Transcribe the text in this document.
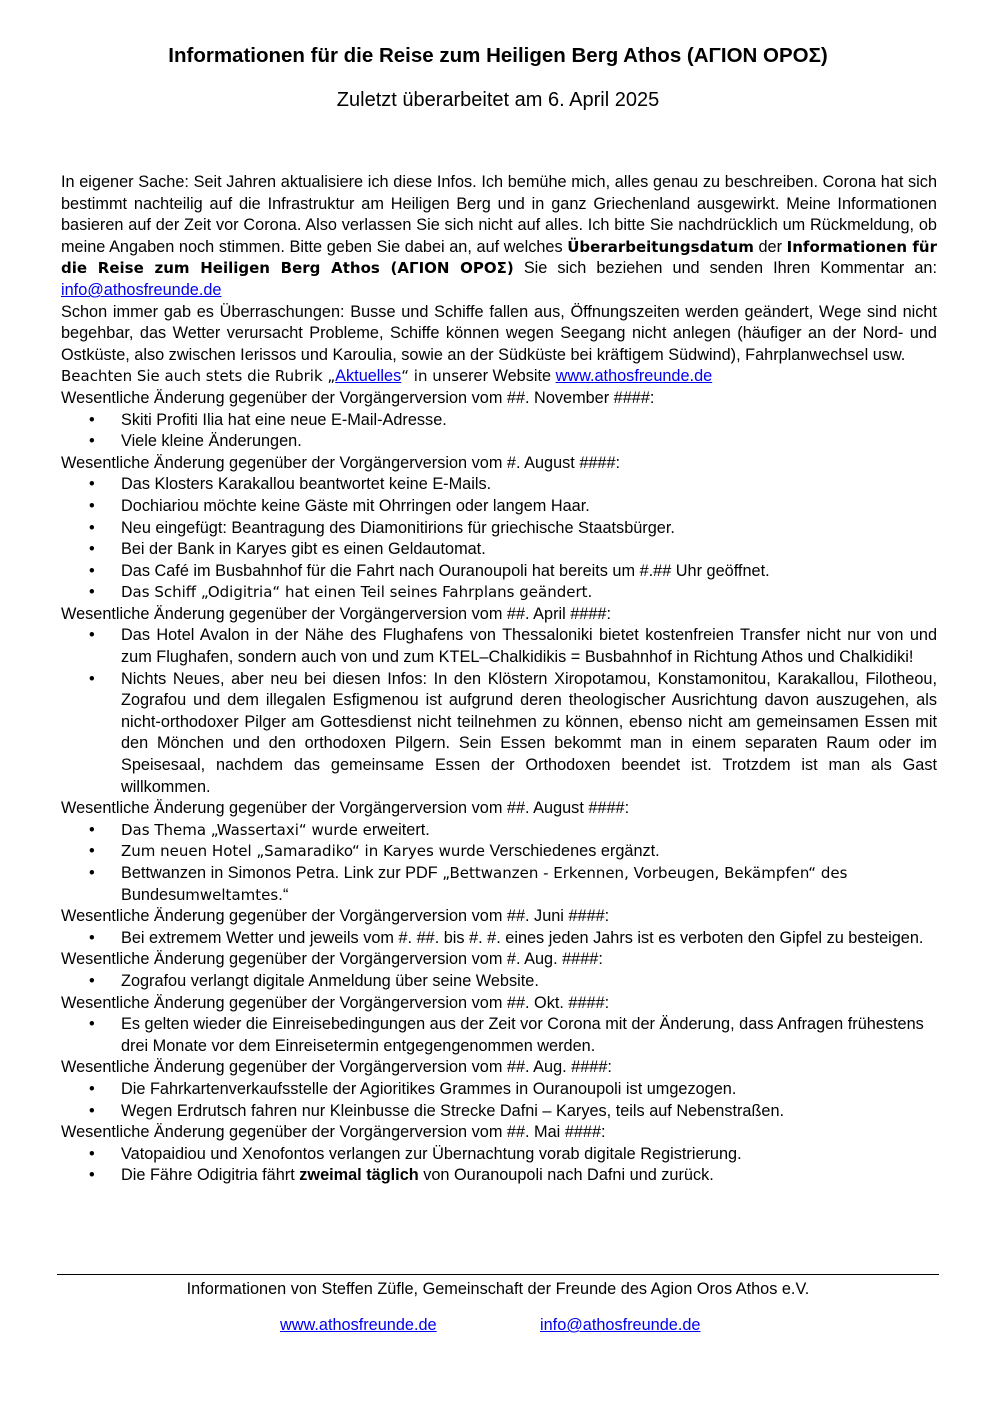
Informationen für die Reise zum Heiligen Berg Athos (ΑΓΙΟΝ ΟΡΟΣ)
Zuletzt überarbeitet am 6. April 2025

In eigener Sache: Seit Jahren aktualisiere ich diese Infos. Ich bemühe mich, alles genau zu beschreiben. Corona hat sich bestimmt nachteilig auf die Infrastruktur am Heiligen Berg und in ganz Griechenland ausgewirkt. Meine Informationen basieren auf der Zeit vor Corona. Also verlassen Sie sich nicht auf alles. Ich bitte Sie nachdrücklich um Rückmeldung, ob meine Angaben noch stimmen. Bitte geben Sie dabei an, auf welches Überarbeitungsdatum der Informationen für die Reise zum Heiligen Berg Athos (ΑΓΙΟΝ ΟΡΟΣ) Sie sich beziehen und senden Ihren Kommentar an: info@athosfreunde.de

Schon immer gab es Überraschungen: Busse und Schiffe fallen aus, Öffnungszeiten werden geändert, Wege sind nicht begehbar, das Wetter verursacht Probleme, Schiffe können wegen Seegang nicht anlegen (häufiger an der Nord- und Ostküste, also zwischen Ierissos und Karoulia, sowie an der Südküste bei kräftigem Südwind), Fahrplanwechsel usw.

Beachten Sie auch stets die Rubrik „Aktuelles“ in unserer Website www.athosfreunde.de

Wesentliche Änderung gegenüber der Vorgängerversion vom ##. November ####:

• Skiti Profiti Ilia hat eine neue E-Mail-Adresse.
• Viele kleine Änderungen.

Wesentliche Änderung gegenüber der Vorgängerversion vom #. August ####:

• Das Klosters Karakallou beantwortet keine E-Mails.
• Dochiariou möchte keine Gäste mit Ohrringen oder langem Haar.
• Neu eingefügt: Beantragung des Diamonitirions für griechische Staatsbürger.
• Bei der Bank in Karyes gibt es einen Geldautomat.
• Das Café im Busbahnhof für die Fahrt nach Ouranoupoli hat bereits um #.## Uhr geöffnet.
• Das Schiff „Odigitria“ hat einen Teil seines Fahrplans geändert.

Wesentliche Änderung gegenüber der Vorgängerversion vom ##. April ####:

• Das Hotel Avalon in der Nähe des Flughafens von Thessaloniki bietet kostenfreien Transfer nicht nur von und zum Flughafen, sondern auch von und zum KTEL–Chalkidikis = Busbahnhof in Richtung Athos und Chalkidiki!
• Nichts Neues, aber neu bei diesen Infos: In den Klöstern Xiropotamou, Konstamonitou, Karakallou, Filotheou, Zografou und dem illegalen Esfigmenou ist aufgrund deren theologischer Ausrichtung davon auszugehen, als nicht-orthodoxer Pilger am Gottesdienst nicht teilnehmen zu können, ebenso nicht am gemeinsamen Essen mit den Mönchen und den orthodoxen Pilgern. Sein Essen bekommt man in einem separaten Raum oder im Speisesaal, nachdem das gemeinsame Essen der Orthodoxen beendet ist. Trotzdem ist man als Gast willkommen.

Wesentliche Änderung gegenüber der Vorgängerversion vom ##. August ####:

• Das Thema „Wassertaxi“ wurde erweitert.
• Zum neuen Hotel „Samaradiko“ in Karyes wurde Verschiedenes ergänzt.
• Bettwanzen in Simonos Petra. Link zur PDF „Bettwanzen - Erkennen, Vorbeugen, Bekämpfen“ des Bundesumweltamtes.“

Wesentliche Änderung gegenüber der Vorgängerversion vom ##. Juni ####:

• Bei extremem Wetter und jeweils vom #. ##. bis #. #. eines jeden Jahrs ist es verboten den Gipfel zu besteigen.

Wesentliche Änderung gegenüber der Vorgängerversion vom #. Aug. ####:

• Zografou verlangt digitale Anmeldung über seine Website.

Wesentliche Änderung gegenüber der Vorgängerversion vom ##. Okt. ####:

• Es gelten wieder die Einreisebedingungen aus der Zeit vor Corona mit der Änderung, dass Anfragen frühestens drei Monate vor dem Einreisetermin entgegengenommen werden.

Wesentliche Änderung gegenüber der Vorgängerversion vom ##. Aug. ####:

• Die Fahrkartenverkaufsstelle der Agioritikes Grammes in Ouranoupoli ist umgezogen.
• Wegen Erdrutsch fahren nur Kleinbusse die Strecke Dafni – Karyes, teils auf Nebenstraßen.

Wesentliche Änderung gegenüber der Vorgängerversion vom ##. Mai ####:

• Vatopaidiou und Xenofontos verlangen zur Übernachtung vorab digitale Registrierung.
• Die Fähre Odigitria fährt zweimal täglich von Ouranoupoli nach Dafni und zurück.
Informationen von Steffen Züfle, Gemeinschaft der Freunde des Agion Oros Athos e.V.
www.athosfreunde.de	info@athosfreunde.de
